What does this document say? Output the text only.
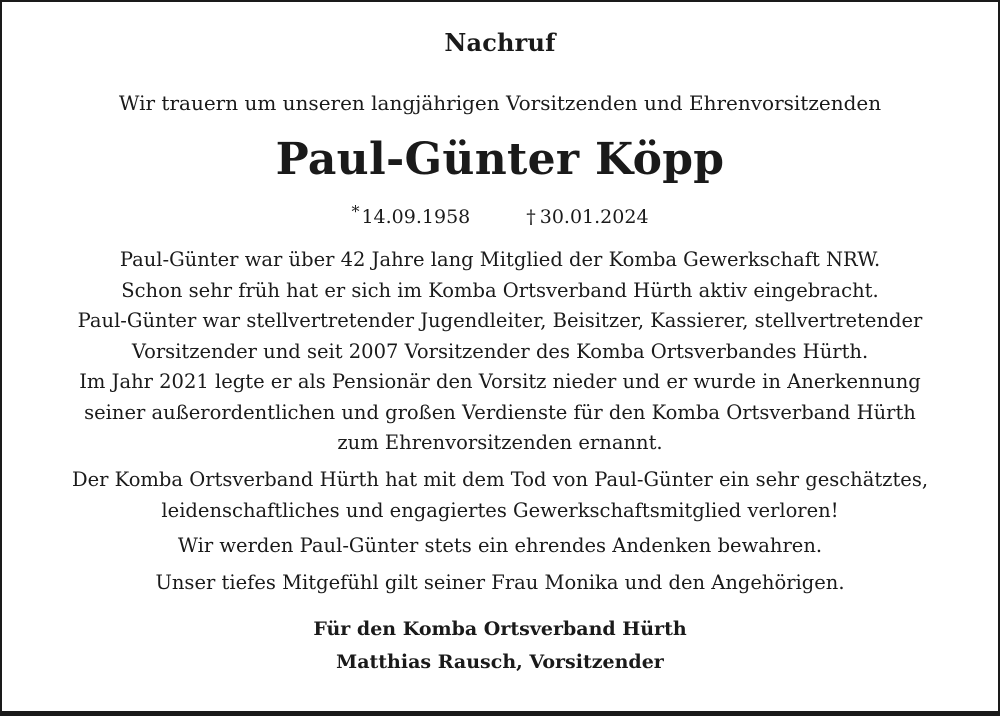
Nachruf
Wir trauern um unseren langjährigen Vorsitzenden und Ehrenvorsitzenden
Paul-Günter Köpp
* 14.09.1958	† 30.01.2024
Paul-Günter war über 42 Jahre lang Mitglied der Komba Gewerkschaft NRW.
Schon sehr früh hat er sich im Komba Ortsverband Hürth aktiv eingebracht.
Paul-Günter war stellvertretender Jugendleiter, Beisitzer, Kassierer, stellvertretender
Vorsitzender und seit 2007 Vorsitzender des Komba Ortsverbandes Hürth.
Im Jahr 2021 legte er als Pensionär den Vorsitz nieder und er wurde in Anerkennung
seiner außerordentlichen und großen Verdienste für den Komba Ortsverband Hürth
zum Ehrenvorsitzenden ernannt.
Der Komba Ortsverband Hürth hat mit dem Tod von Paul-Günter ein sehr geschätztes,
leidenschaftliches und engagiertes Gewerkschaftsmitglied verloren!
Wir werden Paul-Günter stets ein ehrendes Andenken bewahren.
Unser tiefes Mitgefühl gilt seiner Frau Monika und den Angehörigen.
Für den Komba Ortsverband Hürth
Matthias Rausch, Vorsitzender
